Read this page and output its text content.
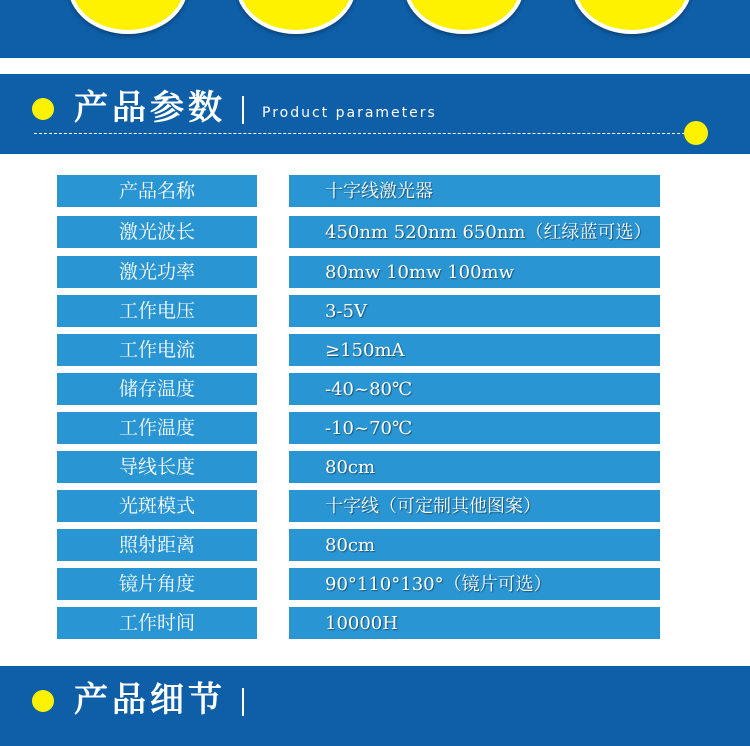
产品参数	Product parameters
产品名称	十字线激光器
激光波长	450nm 520nm 650nm（红绿蓝可选）
激光功率	80mw 10mw 100mw
工作电压	3-5V
工作电流	≥150mA
储存温度	-40~80℃
工作温度	-10~70℃
导线长度	80cm
光斑模式	十字线（可定制其他图案）
照射距离	80cm
镜片角度	90°110°130°（镜片可选）
工作时间	10000H
产品细节
